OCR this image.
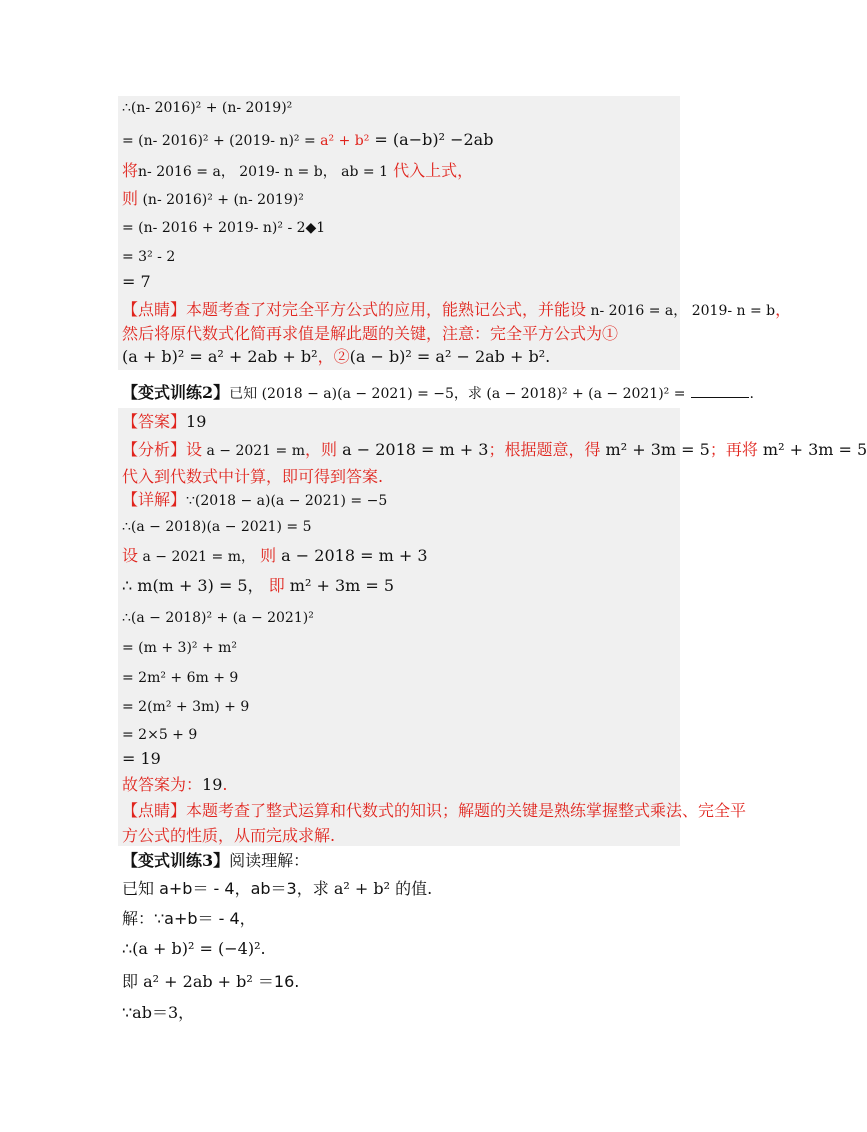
∴(n- 2016)² + (n- 2019)²
= (n- 2016)² + (2019- n)² = a² + b² = (a−b)² −2ab
将n- 2016 = a， 2019- n = b， ab = 1 代入上式，
则 (n- 2016)² + (n- 2019)²
= (n- 2016 + 2019- n)² - 2◆1
= 3² - 2
= 7
【点睛】本题考查了对完全平方公式的应用，能熟记公式，并能设 n- 2016 = a， 2019- n = b，
然后将原代数式化简再求值是解此题的关键，注意：完全平方公式为①
(a + b)² = a² + 2ab + b²，②(a − b)² = a² − 2ab + b².
【变式训练2】已知 (2018 − a)(a − 2021) = −5，求 (a − 2018)² + (a − 2021)² =	.
【答案】19
【分析】设 a − 2021 = m，则 a − 2018 = m + 3；根据题意，得 m² + 3m = 5；再将 m² + 3m = 5
代入到代数式中计算，即可得到答案.
【详解】∵(2018 − a)(a − 2021) = −5
∴(a − 2018)(a − 2021) = 5
设 a − 2021 = m， 则 a − 2018 = m + 3
∴ m(m + 3) = 5， 即 m² + 3m = 5
∴(a − 2018)² + (a − 2021)²
= (m + 3)² + m²
= 2m² + 6m + 9
= 2(m² + 3m) + 9
= 2×5 + 9
= 19
故答案为：19.
【点睛】本题考查了整式运算和代数式的知识；解题的关键是熟练掌握整式乘法、完全平
方公式的性质，从而完成求解.
【变式训练3】阅读理解：
已知 a+b＝ - 4，ab＝3，求 a² + b² 的值.
解：∵a+b＝ - 4，
∴(a + b)² = (−4)².
即 a² + 2ab + b² ＝16.
∵ab＝3，
